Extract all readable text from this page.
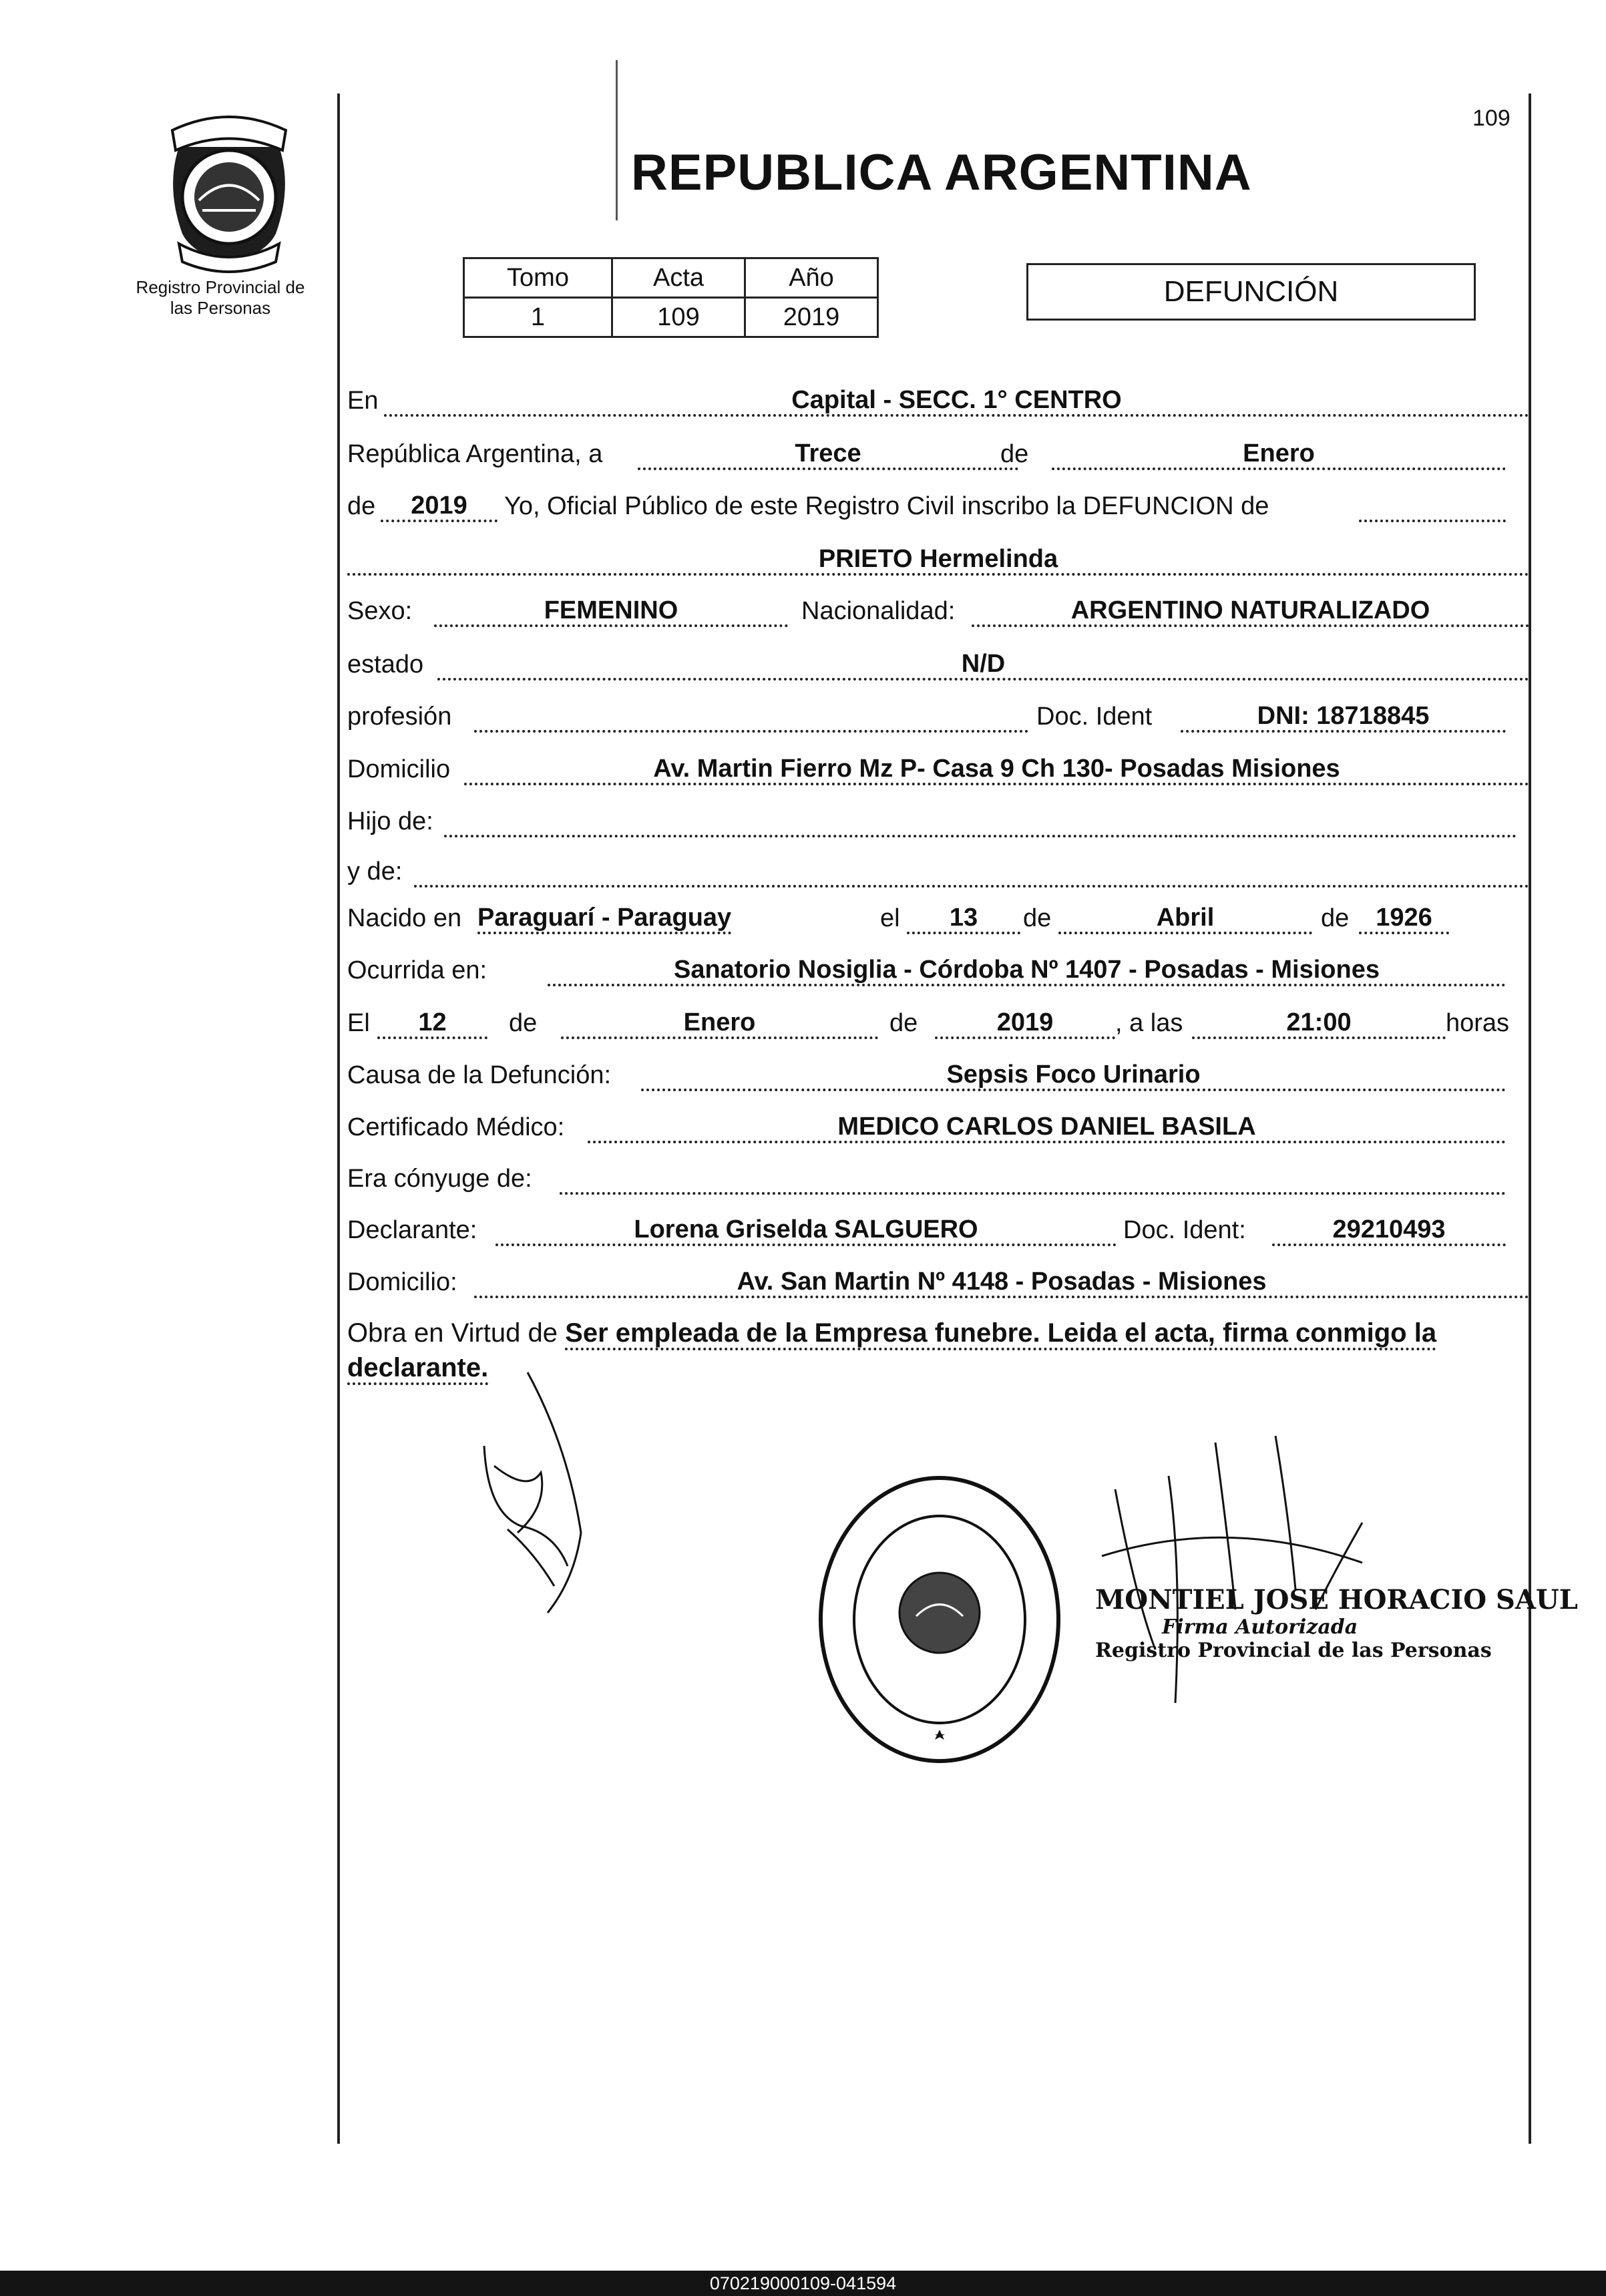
Registro Provincial de
las Personas
109
REPUBLICA ARGENTINA
Tomo	Acta	Año
1	109	2019
DEFUNCIÓN
En	Capital - SECC. 1° CENTRO
República Argentina, a	Trece	de	Enero
de	2019	Yo, Oficial Público de este Registro Civil inscribo la DEFUNCION de
PRIETO Hermelinda
Sexo:	FEMENINO	Nacionalidad:	ARGENTINO NATURALIZADO
estado	N/D
profesión	Doc. Ident	DNI: 18718845
Domicilio	Av. Martin Fierro Mz P- Casa 9 Ch 130- Posadas Misiones
Hijo de:
y de:
Nacido en Paraguarí - Paraguay	el	13	de	Abril	de	1926
Ocurrida en:	Sanatorio Nosiglia - Córdoba Nº 1407 - Posadas - Misiones
El	12	de	Enero	de	2019	, a las	21:00	horas
Causa de la Defunción:	Sepsis Foco Urinario
Certificado Médico:	MEDICO CARLOS DANIEL BASILA
Era cónyuge de:
Declarante:	Lorena Griselda SALGUERO	Doc. Ident:	29210493
Domicilio:	Av. San Martin Nº 4148 - Posadas - Misiones
Obra en Virtud de Ser empleada de la Empresa funebre. Leida el acta, firma conmigo la declarante.
MONTIEL JOSE HORACIO SAUL
Firma Autorizada
Registro Provincial de las Personas
070219000109-041594
